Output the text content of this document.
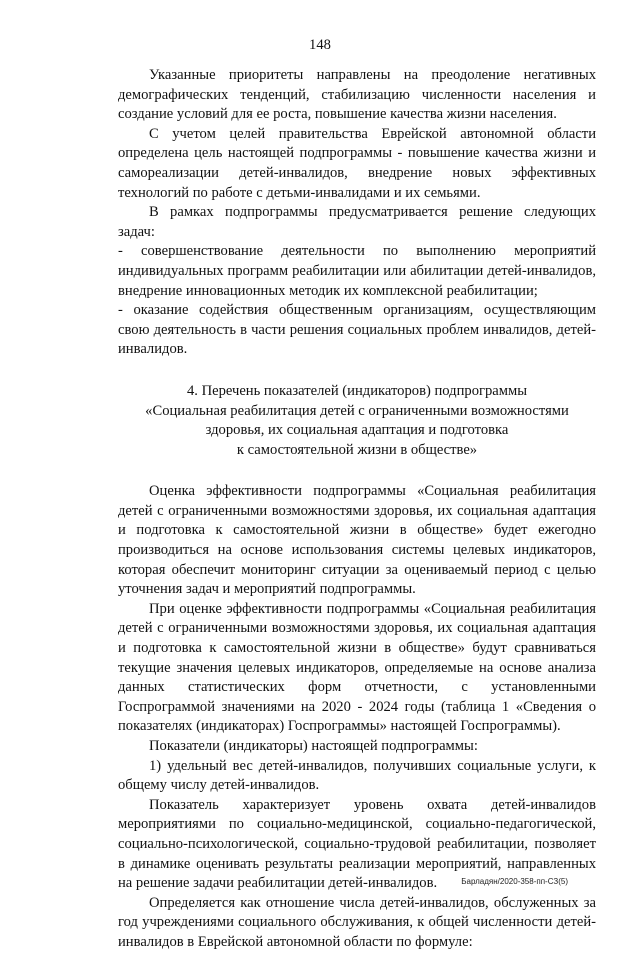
148

Указанные приоритеты направлены на преодоление негативных демографических тенденций, стабилизацию численности населения и создание условий для ее роста, повышение качества жизни населения.

С учетом целей правительства Еврейской автономной области определена цель настоящей подпрограммы - повышение качества жизни и самореализации детей-инвалидов, внедрение новых эффективных технологий по работе с детьми-инвалидами и их семьями.

В рамках подпрограммы предусматривается решение следующих задач:

- совершенствование деятельности по выполнению мероприятий индивидуальных программ реабилитации или абилитации детей-инвалидов, внедрение инновационных методик их комплексной реабилитации;

- оказание содействия общественным организациям, осуществляющим свою деятельность в части решения социальных проблем инвалидов, детей-инвалидов.

4. Перечень показателей (индикаторов) подпрограммы
«Социальная реабилитация детей с ограниченными возможностями
здоровья, их социальная адаптация и подготовка
к самостоятельной жизни в обществе»

Оценка эффективности подпрограммы «Социальная реабилитация детей с ограниченными возможностями здоровья, их социальная адаптация и подготовка к самостоятельной жизни в обществе» будет ежегодно производиться на основе использования системы целевых индикаторов, которая обеспечит мониторинг ситуации за оцениваемый период с целью уточнения задач и мероприятий подпрограммы.

При оценке эффективности подпрограммы «Социальная реабилитация детей с ограниченными возможностями здоровья, их социальная адаптация и подготовка к самостоятельной жизни в обществе» будут сравниваться текущие значения целевых индикаторов, определяемые на основе анализа данных статистических форм отчетности, с установленными Госпрограммой значениями на 2020 - 2024 годы (таблица 1 «Сведения о показателях (индикаторах) Госпрограммы» настоящей Госпрограммы).

Показатели (индикаторы) настоящей подпрограммы:

1) удельный вес детей-инвалидов, получивших социальные услуги, к общему числу детей-инвалидов.

Показатель характеризует уровень охвата детей-инвалидов мероприятиями по социально-медицинской, социально-педагогической, социально-психологической, социально-трудовой реабилитации, позволяет в динамике оценивать результаты реализации мероприятий, направленных на решение задачи реабилитации детей-инвалидов.

Определяется как отношение числа детей-инвалидов, обслуженных за год учреждениями социального обслуживания, к общей численности детей-инвалидов в Еврейской автономной области по формуле:

Барладян/2020-358-пп-СЗ(5)
